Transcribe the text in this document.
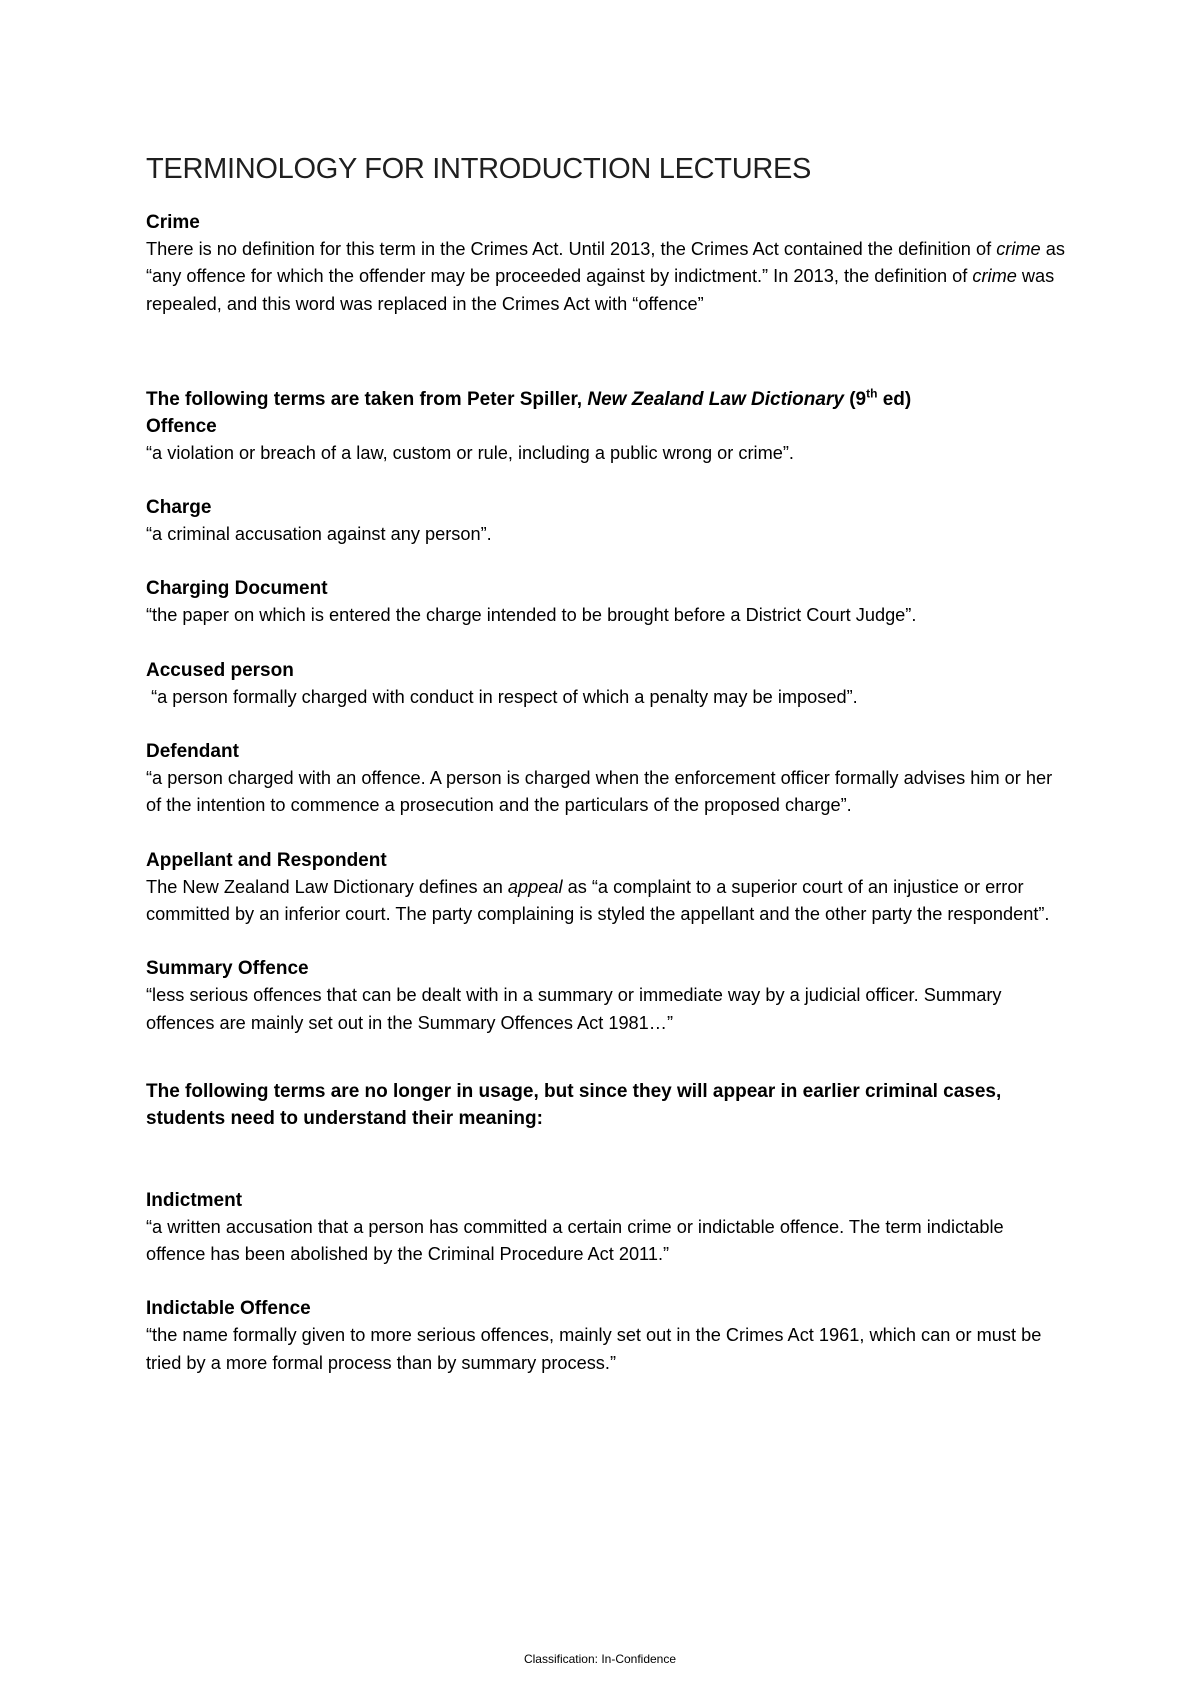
TERMINOLOGY FOR INTRODUCTION LECTURES

Crime

There is no definition for this term in the Crimes Act. Until 2013, the Crimes Act contained the definition of crime as “any offence for which the offender may be proceeded against by indictment.” In 2013, the definition of crime was repealed, and this word was replaced in the Crimes Act with “offence”

The following terms are taken from Peter Spiller, New Zealand Law Dictionary (9th ed)

Offence

“a violation or breach of a law, custom or rule, including a public wrong or crime”.

Charge

“a criminal accusation against any person”.

Charging Document

“the paper on which is entered the charge intended to be brought before a District Court Judge”.

Accused person

“a person formally charged with conduct in respect of which a penalty may be imposed”.

Defendant

“a person charged with an offence. A person is charged when the enforcement officer formally advises him or her of the intention to commence a prosecution and the particulars of the proposed charge”.

Appellant and Respondent

The New Zealand Law Dictionary defines an appeal as “a complaint to a superior court of an injustice or error committed by an inferior court. The party complaining is styled the appellant and the other party the respondent”.

Summary Offence

“less serious offences that can be dealt with in a summary or immediate way by a judicial officer. Summary offences are mainly set out in the Summary Offences Act 1981…”

The following terms are no longer in usage, but since they will appear in earlier criminal cases, students need to understand their meaning:

Indictment

“a written accusation that a person has committed a certain crime or indictable offence. The term indictable offence has been abolished by the Criminal Procedure Act 2011.”

Indictable Offence

“the name formally given to more serious offences, mainly set out in the Crimes Act 1961, which can or must be tried by a more formal process than by summary process.”

Classification: In-Confidence
